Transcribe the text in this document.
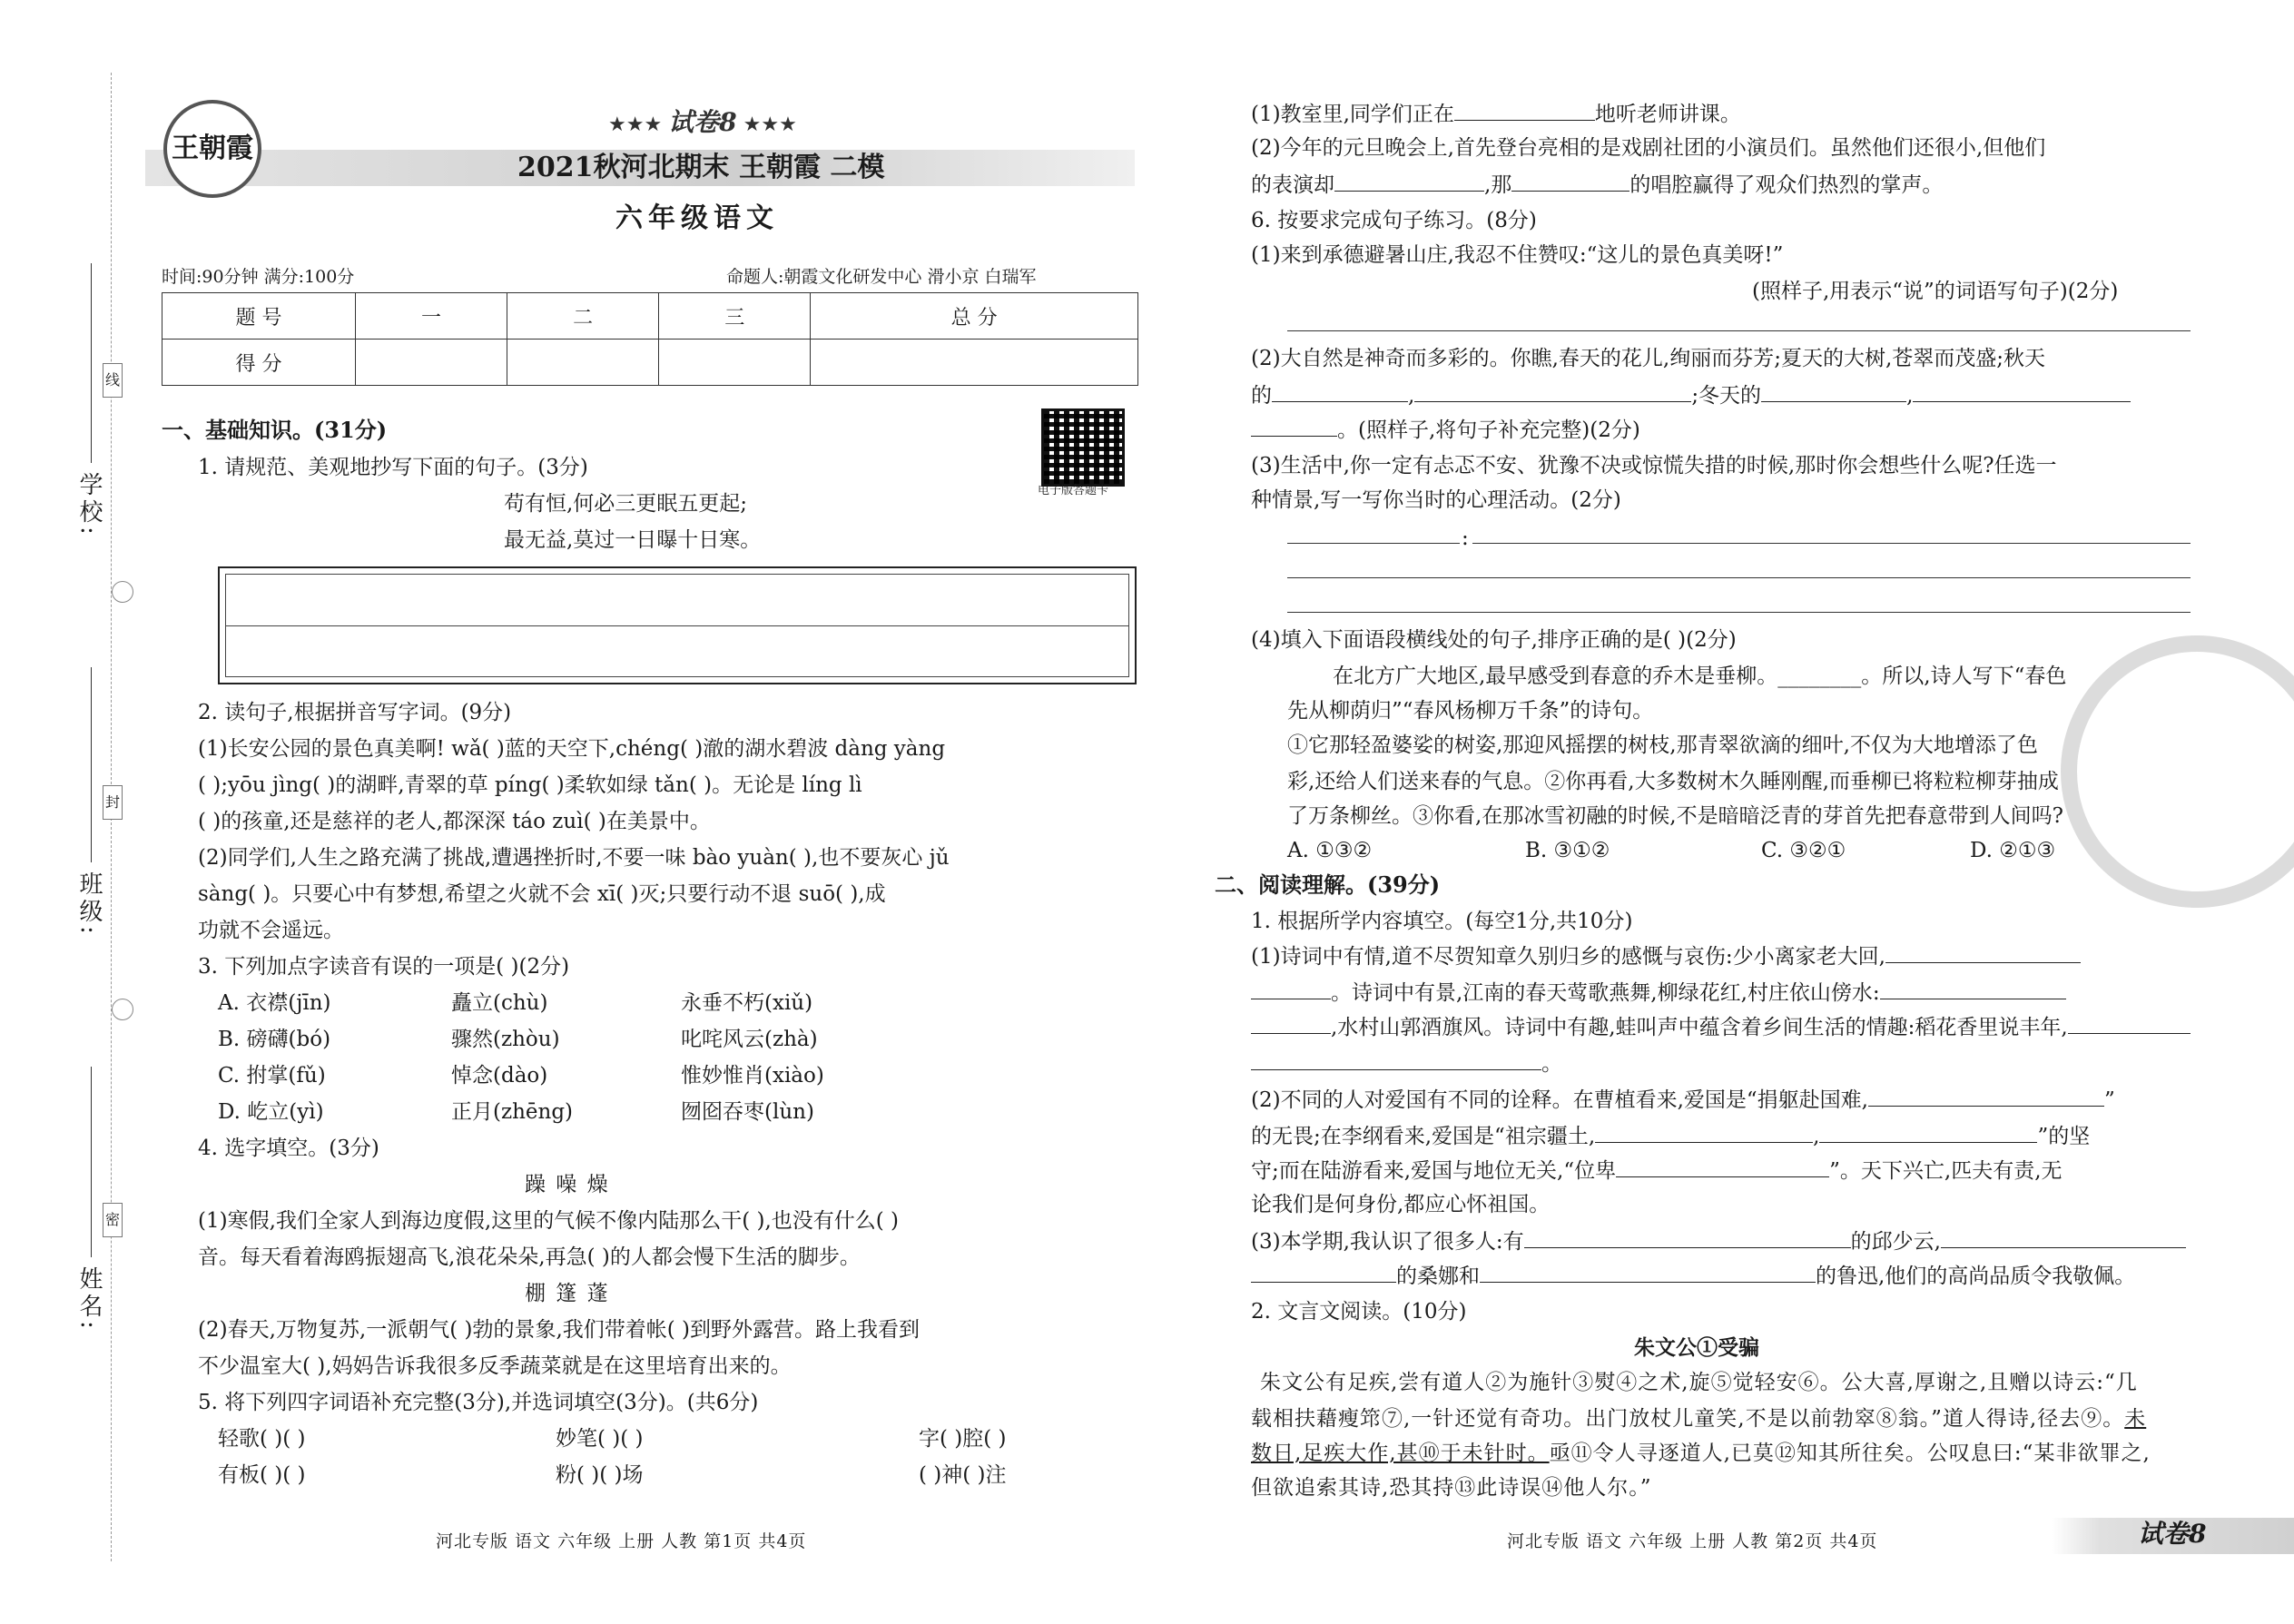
学校:
班级:
姓名:
线
封
密
王朝霞
★★★ 试卷8 ★★★
2021秋河北期末 王朝霞 二模
六年级语文
时间:90分钟 满分:100分	命题人:朝霞文化研发中心 滑小京 白瑞军
题 号	一	二	三	总 分
得 分				
电子版答题卡
一、基础知识。(31分)
1. 请规范、美观地抄写下面的句子。(3分)
苟有恒,何必三更眠五更起;
最无益,莫过一日曝十日寒。
2. 读句子,根据拼音写字词。(9分)
(1)长安公园的景色真美啊! wǎ( )蓝的天空下,chéng( )澈的湖水碧波 dàng yàng
( );yōu jìng( )的湖畔,青翠的草 píng( )柔软如绿 tǎn( )。无论是 líng lì
( )的孩童,还是慈祥的老人,都深深 táo zuì( )在美景中。
(2)同学们,人生之路充满了挑战,遭遇挫折时,不要一味 bào yuàn( ),也不要灰心 jǔ
sàng( )。只要心中有梦想,希望之火就不会 xī( )灭;只要行动不退 suō( ),成
功就不会遥远。
3. 下列加点字读音有误的一项是( )(2分)
A. 衣襟(jīn)	矗立(chù)	永垂不朽(xiǔ)
B. 磅礴(bó)	骤然(zhòu)	叱咤风云(zhà)
C. 拊掌(fǔ)	悼念(dào)	惟妙惟肖(xiào)
D. 屹立(yì)	正月(zhēng)	囫囵吞枣(lùn)
4. 选字填空。(3分)
躁 噪 燥
(1)寒假,我们全家人到海边度假,这里的气候不像内陆那么干( ),也没有什么( )
音。每天看着海鸥振翅高飞,浪花朵朵,再急( )的人都会慢下生活的脚步。
棚 篷 蓬
(2)春天,万物复苏,一派朝气( )勃的景象,我们带着帐( )到野外露营。路上我看到
不少温室大( ),妈妈告诉我很多反季蔬菜就是在这里培育出来的。
5. 将下列四字词语补充完整(3分),并选词填空(3分)。(共6分)
轻歌( )( )	妙笔( )( )	字( )腔( )
有板( )( )	粉( )( )场	( )神( )注
河北专版 语文 六年级 上册 人教 第1页 共4页
(1)教室里,同学们正在	地听老师讲课。
(2)今年的元旦晚会上,首先登台亮相的是戏剧社团的小演员们。虽然他们还很小,但他们
的表演却	,那	的唱腔赢得了观众们热烈的掌声。
6. 按要求完成句子练习。(8分)
(1)来到承德避暑山庄,我忍不住赞叹:“这儿的景色真美呀!”
(照样子,用表示“说”的词语写句子)(2分)
(2)大自然是神奇而多彩的。你瞧,春天的花儿,绚丽而芬芳;夏天的大树,苍翠而茂盛;秋天
的	,	;冬天的	,
。(照样子,将句子补充完整)(2分)
(3)生活中,你一定有忐忑不安、犹豫不决或惊慌失措的时候,那时你会想些什么呢?任选一
种情景,写一写你当时的心理活动。(2分)
:
(4)填入下面语段横线处的句子,排序正确的是( )(2分)
在北方广大地区,最早感受到春意的乔木是垂柳。________。所以,诗人写下“春色
先从柳荫归”“春风杨柳万千条”的诗句。
①它那轻盈婆娑的树姿,那迎风摇摆的树枝,那青翠欲滴的细叶,不仅为大地增添了色
彩,还给人们送来春的气息。②你再看,大多数树木久睡刚醒,而垂柳已将粒粒柳芽抽成
了万条柳丝。③你看,在那冰雪初融的时候,不是暗暗泛青的芽首先把春意带到人间吗?
A. ①③②	B. ③①②	C. ③②①	D. ②①③
二、阅读理解。(39分)
1. 根据所学内容填空。(每空1分,共10分)
(1)诗词中有情,道不尽贺知章久别归乡的感慨与哀伤:少小离家老大回,
。诗词中有景,江南的春天莺歌燕舞,柳绿花红,村庄依山傍水:
,水村山郭酒旗风。诗词中有趣,蛙叫声中蕴含着乡间生活的情趣:稻花香里说丰年,
。
(2)不同的人对爱国有不同的诠释。在曹植看来,爱国是“捐躯赴国难,	”
的无畏;在李纲看来,爱国是“祖宗疆土,	,	”的坚
守;而在陆游看来,爱国与地位无关,“位卑	”。天下兴亡,匹夫有责,无
论我们是何身份,都应心怀祖国。
(3)本学期,我认识了很多人:有	的邱少云,
的桑娜和	的鲁迅,他们的高尚品质令我敬佩。
2. 文言文阅读。(10分)
朱文公①受骗
朱文公有足疾,尝有道人②为施针③熨④之术,旋⑤觉轻安⑥。公大喜,厚谢之,且赠以诗云:“几
载相扶藉瘦筇⑦,一针还觉有奇功。出门放杖儿童笑,不是以前勃窣⑧翁。”道人得诗,径去⑨。未
数日,足疾大作,甚⑩于未针时。亟⑪令人寻逐道人,已莫⑫知其所往矣。公叹息曰:“某非欲罪之,
但欲追索其诗,恐其持⑬此诗误⑭他人尔。”
河北专版 语文 六年级 上册 人教 第2页 共4页	试卷8
